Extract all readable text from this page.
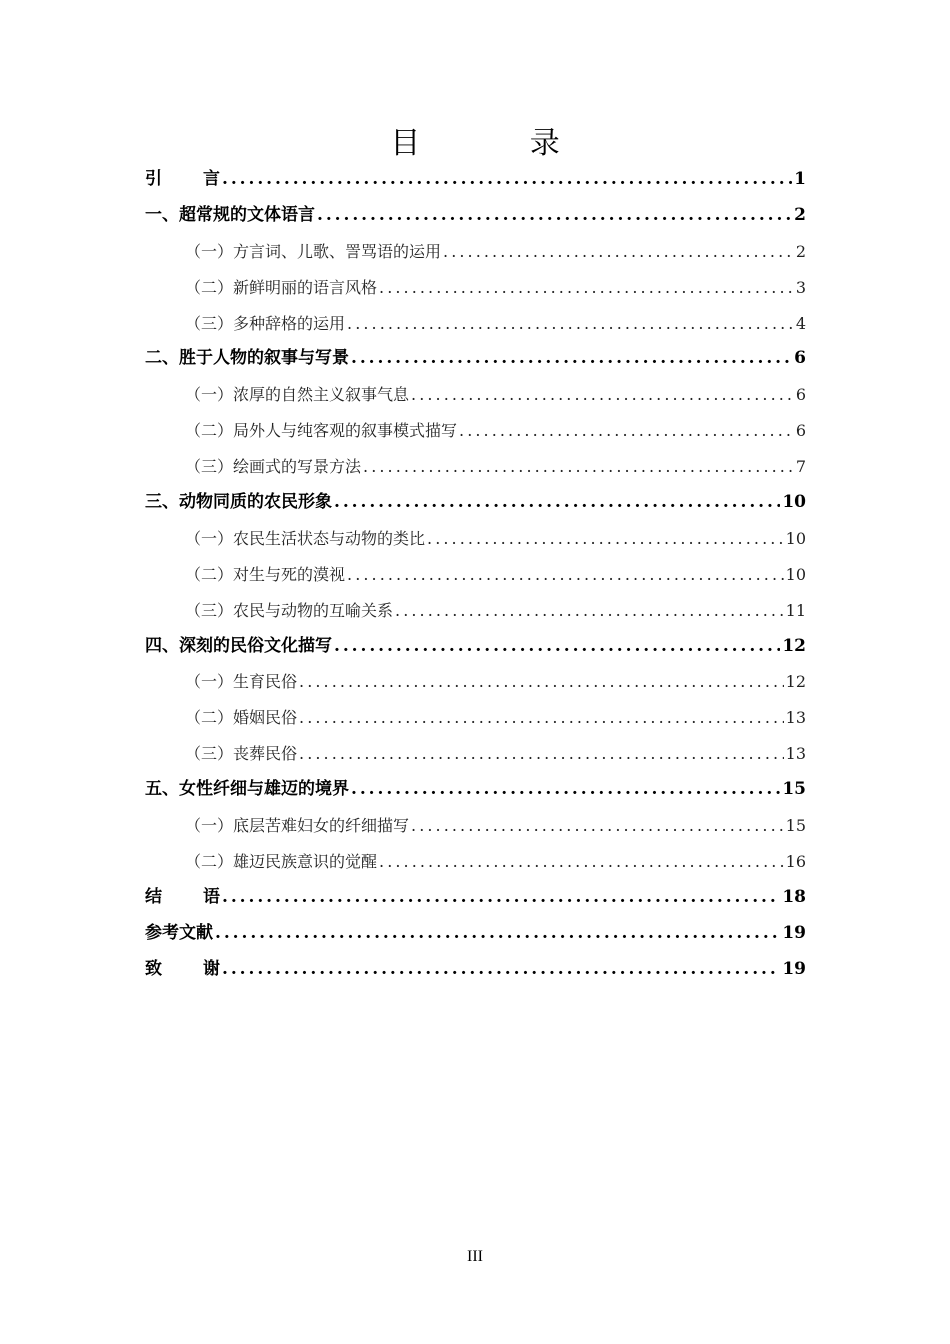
目 录
引 言 . . .	1
一、超常规的文体语言 . . .	2
（一）方言词、儿歌、詈骂语的运用 . . .	2
（二）新鲜明丽的语言风格 . . .	3
（三）多种辞格的运用 . . .	4
二、胜于人物的叙事与写景 . . .	6
（一）浓厚的自然主义叙事气息 . . .	6
（二）局外人与纯客观的叙事模式描写 . . .	6
（三）绘画式的写景方法 . . .	7
三、动物同质的农民形象 . . .	10
（一）农民生活状态与动物的类比 . . .	10
（二）对生与死的漠视 . . .	10
（三）农民与动物的互喻关系 . . .	11
四、深刻的民俗文化描写 . . .	12
（一）生育民俗 . . .	12
（二）婚姻民俗 . . .	13
（三）丧葬民俗 . . .	13
五、女性纤细与雄迈的境界 . . .	15
（一）底层苦难妇女的纤细描写 . . .	15
（二）雄迈民族意识的觉醒 . . .	16
结 语 . . .	18
参考文献 . . .	19
致 谢 . . .	19
III
